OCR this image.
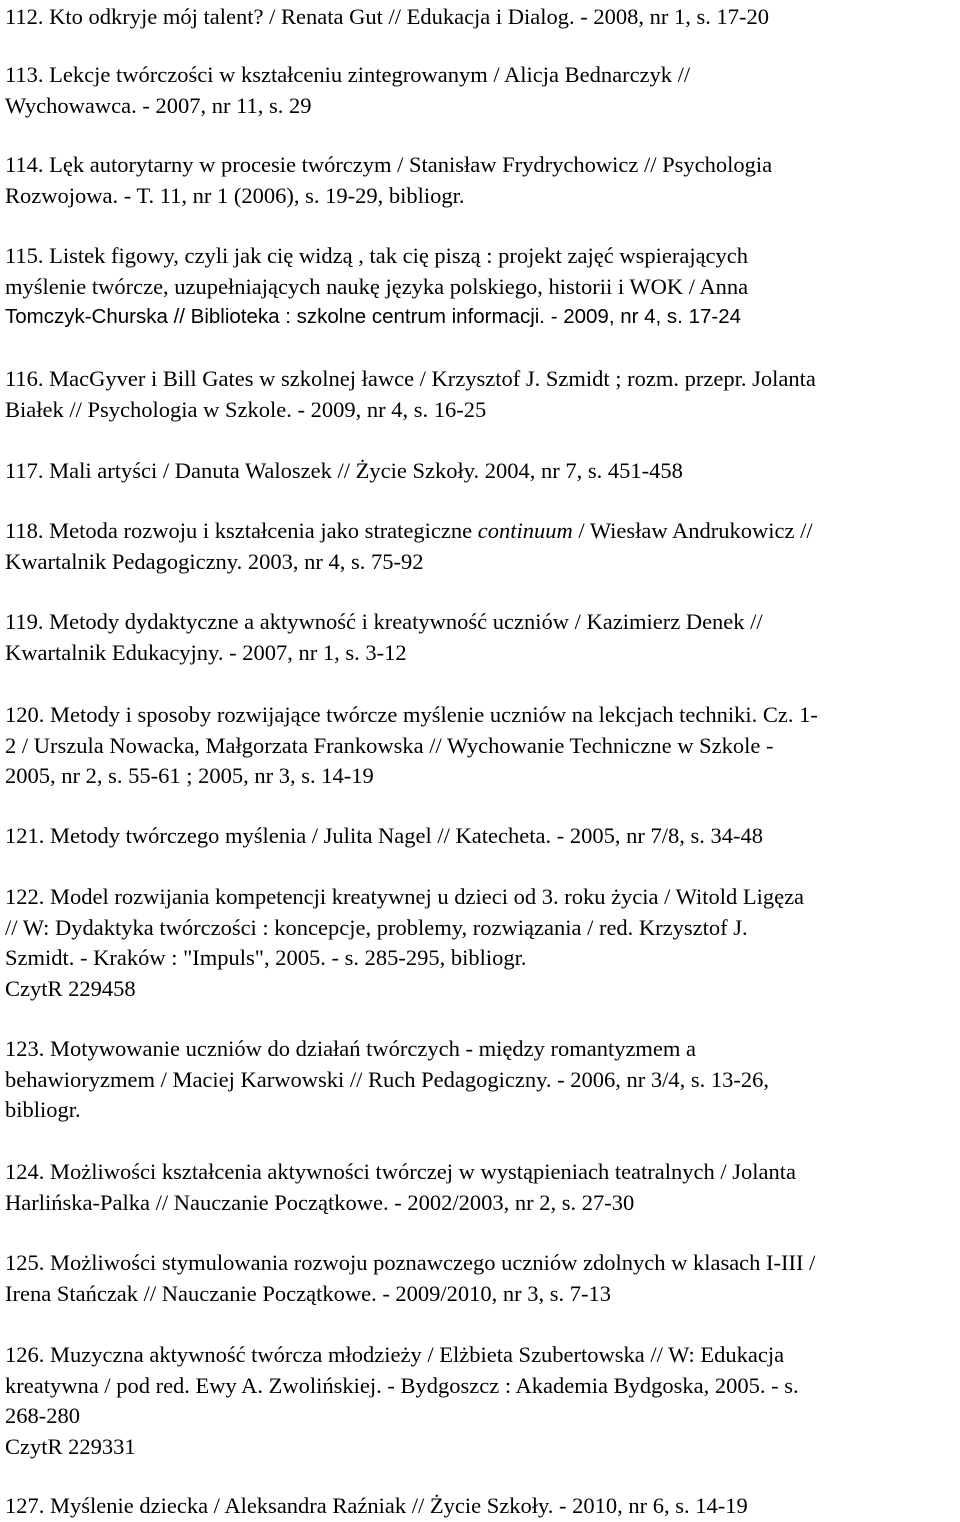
112. Kto odkryje mój talent? / Renata Gut // Edukacja i Dialog. - 2008, nr 1, s. 17-20
113. Lekcje twórczości w kształceniu zintegrowanym / Alicja Bednarczyk //
Wychowawca. - 2007, nr 11, s. 29
114. Lęk autorytarny w procesie twórczym / Stanisław Frydrychowicz // Psychologia
Rozwojowa. - T. 11, nr 1 (2006), s. 19-29, bibliogr.
115. Listek figowy, czyli jak cię widzą , tak cię piszą : projekt zajęć wspierających
myślenie twórcze, uzupełniających naukę języka polskiego, historii i WOK / Anna
Tomczyk-Churska // Biblioteka : szkolne centrum informacji. - 2009, nr 4, s. 17-24
116. MacGyver i Bill Gates w szkolnej ławce / Krzysztof J. Szmidt ; rozm. przepr. Jolanta
Białek // Psychologia w Szkole. - 2009, nr 4, s. 16-25
117. Mali artyści / Danuta Waloszek // Życie Szkoły. 2004, nr 7, s. 451-458
118. Metoda rozwoju i kształcenia jako strategiczne continuum / Wiesław Andrukowicz //
Kwartalnik Pedagogiczny. 2003, nr 4, s. 75-92
119. Metody dydaktyczne a aktywność i kreatywność uczniów / Kazimierz Denek //
Kwartalnik Edukacyjny. - 2007, nr 1, s. 3-12
120. Metody i sposoby rozwijające twórcze myślenie uczniów na lekcjach techniki. Cz. 1-
2 / Urszula Nowacka, Małgorzata Frankowska // Wychowanie Techniczne w Szkole -
2005, nr 2, s. 55-61 ; 2005, nr 3, s. 14-19
121. Metody twórczego myślenia / Julita Nagel // Katecheta. - 2005, nr 7/8, s. 34-48
122. Model rozwijania kompetencji kreatywnej u dzieci od 3. roku życia / Witold Ligęza
// W: Dydaktyka twórczości : koncepcje, problemy, rozwiązania / red. Krzysztof J.
Szmidt. - Kraków : "Impuls", 2005. - s. 285-295, bibliogr.
CzytR 229458
123. Motywowanie uczniów do działań twórczych - między romantyzmem a
behawioryzmem / Maciej Karwowski // Ruch Pedagogiczny. - 2006, nr 3/4, s. 13-26,
bibliogr.
124. Możliwości kształcenia aktywności twórczej w wystąpieniach teatralnych / Jolanta
Harlińska-Palka // Nauczanie Początkowe. - 2002/2003, nr 2, s. 27-30
125. Możliwości stymulowania rozwoju poznawczego uczniów zdolnych w klasach I-III /
Irena Stańczak // Nauczanie Początkowe. - 2009/2010, nr 3, s. 7-13
126. Muzyczna aktywność twórcza młodzieży / Elżbieta Szubertowska // W: Edukacja
kreatywna / pod red. Ewy A. Zwolińskiej. - Bydgoszcz : Akademia Bydgoska, 2005. - s.
268-280
CzytR 229331
127. Myślenie dziecka / Aleksandra Raźniak // Życie Szkoły. - 2010, nr 6, s. 14-19
